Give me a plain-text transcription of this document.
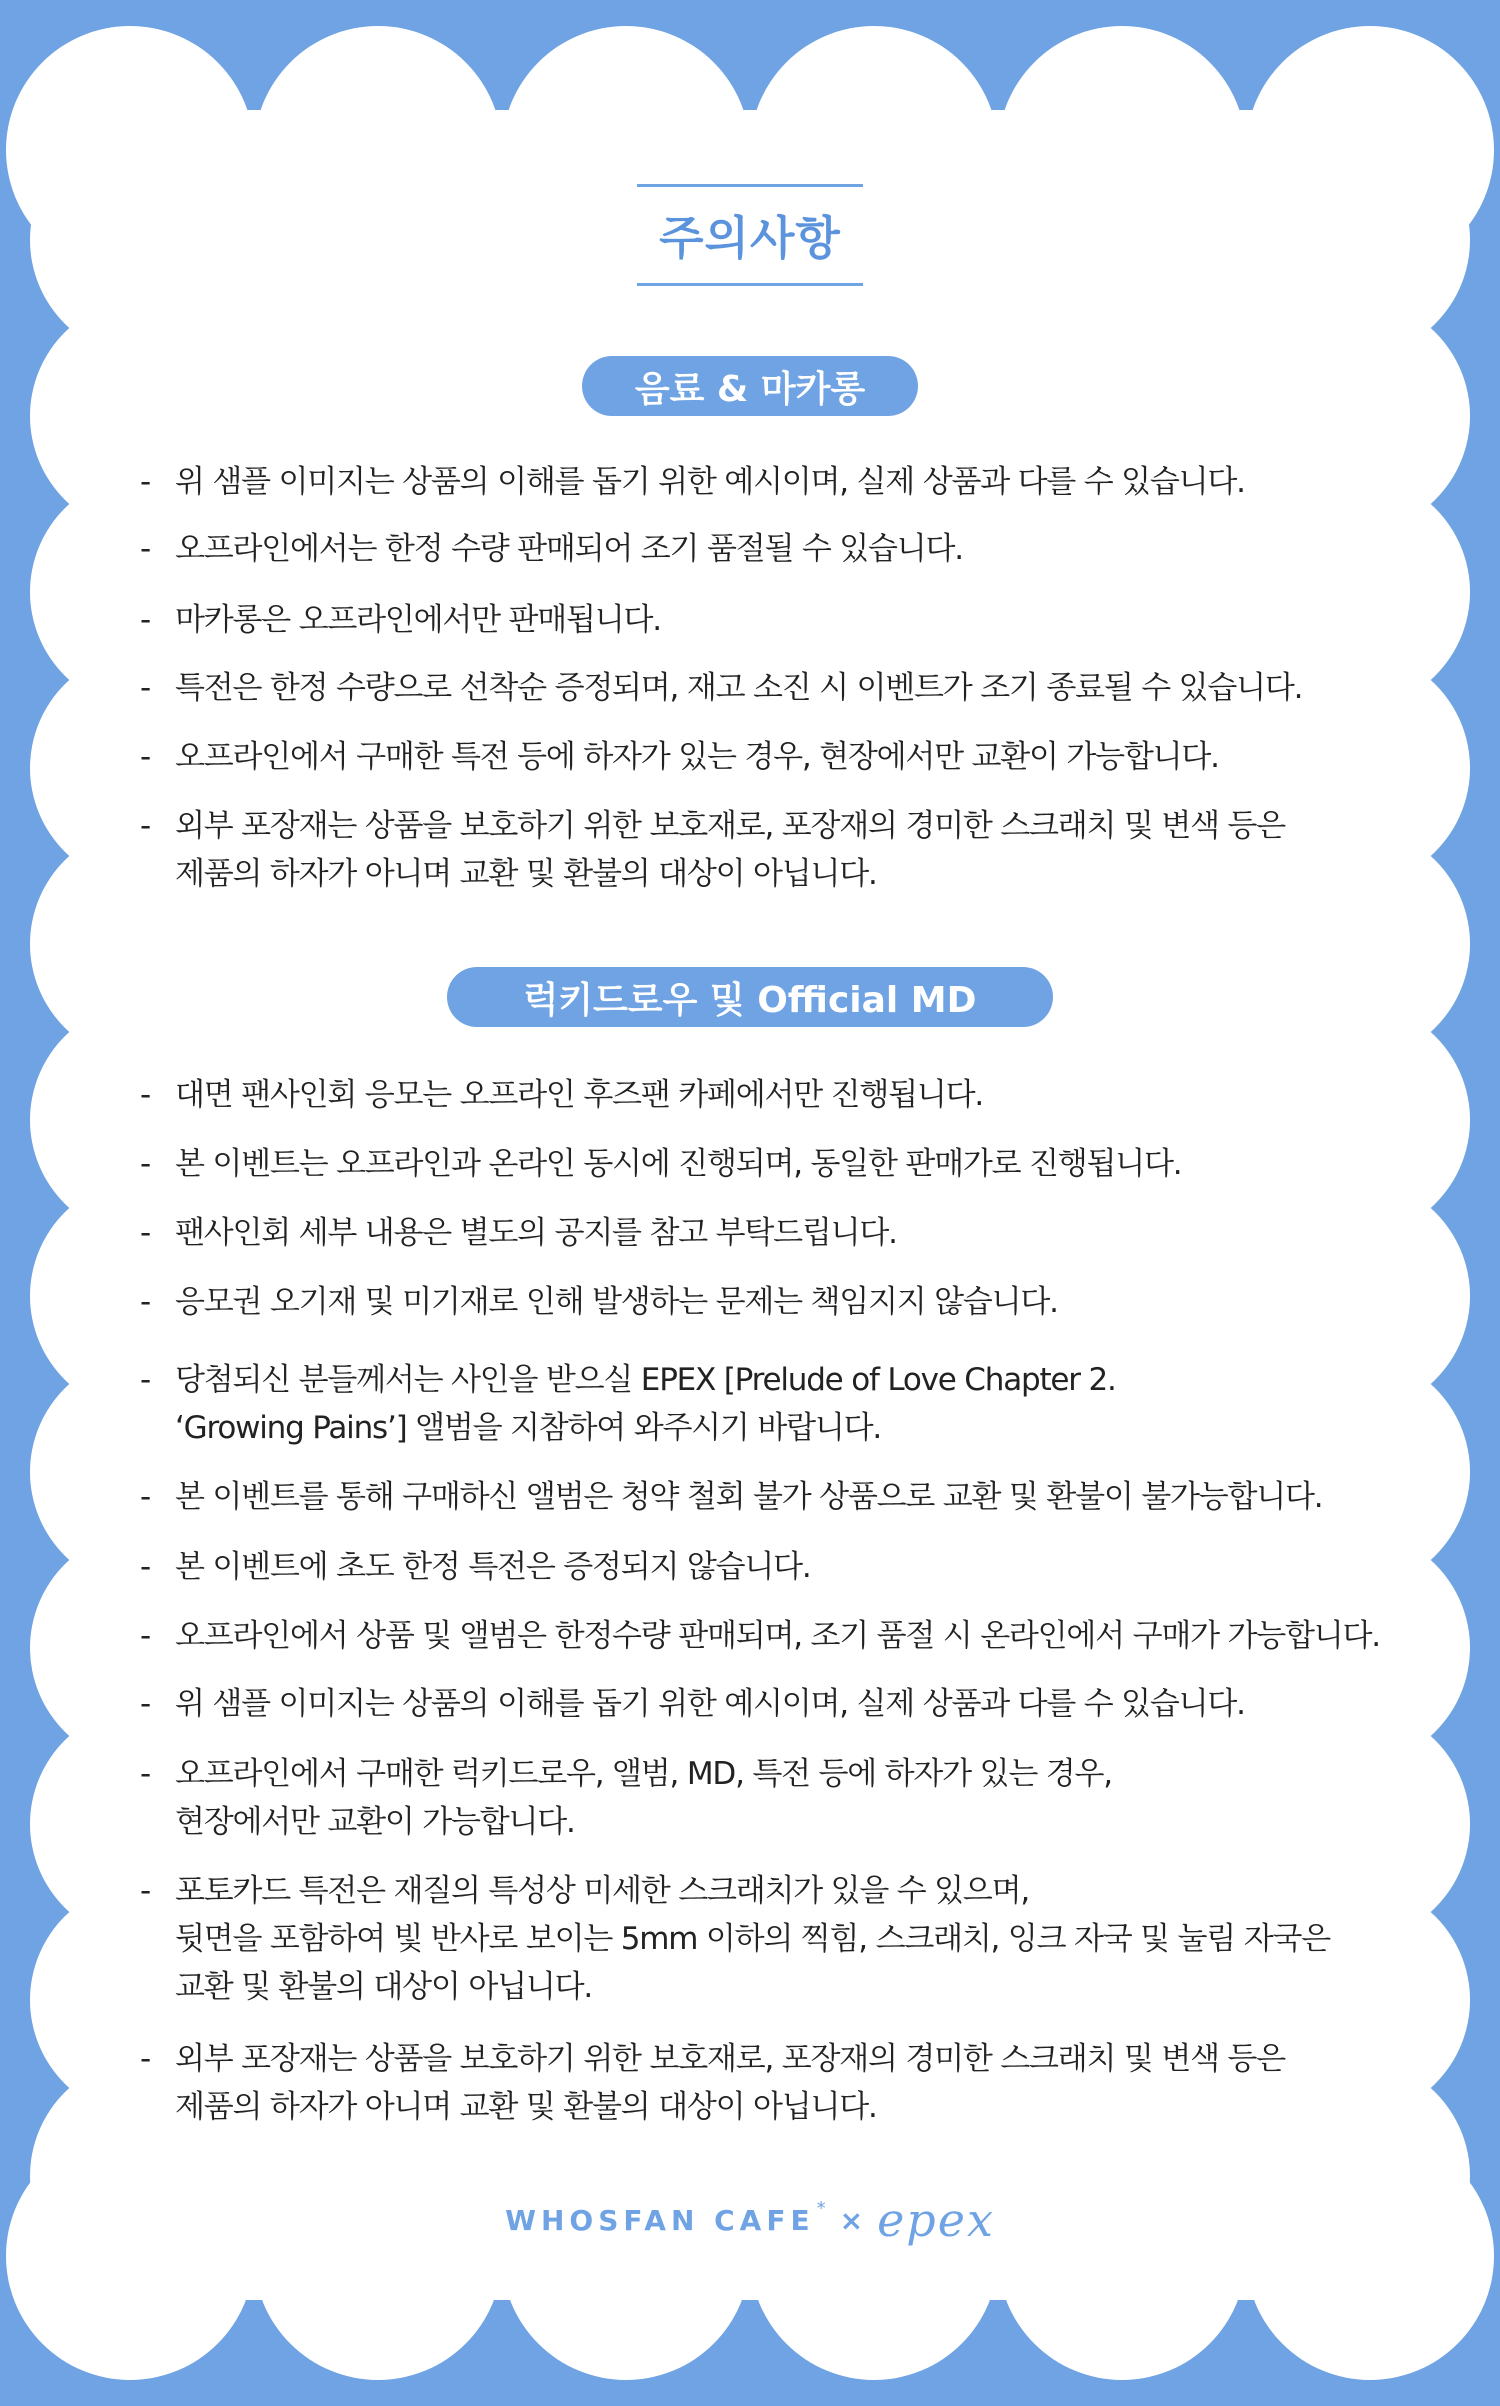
주의사항
음료 & 마카롱
- 위 샘플 이미지는 상품의 이해를 돕기 위한 예시이며, 실제 상품과 다를 수 있습니다.
- 오프라인에서는 한정 수량 판매되어 조기 품절될 수 있습니다.
- 마카롱은 오프라인에서만 판매됩니다.
- 특전은 한정 수량으로 선착순 증정되며, 재고 소진 시 이벤트가 조기 종료될 수 있습니다.
- 오프라인에서 구매한 특전 등에 하자가 있는 경우, 현장에서만 교환이 가능합니다.
- 외부 포장재는 상품을 보호하기 위한 보호재로, 포장재의 경미한 스크래치 및 변색 등은
제품의 하자가 아니며 교환 및 환불의 대상이 아닙니다.
럭키드로우 및 Official MD
- 대면 팬사인회 응모는 오프라인 후즈팬 카페에서만 진행됩니다.
- 본 이벤트는 오프라인과 온라인 동시에 진행되며, 동일한 판매가로 진행됩니다.
- 팬사인회 세부 내용은 별도의 공지를 참고 부탁드립니다.
- 응모권 오기재 및 미기재로 인해 발생하는 문제는 책임지지 않습니다.
- 당첨되신 분들께서는 사인을 받으실 EPEX [Prelude of Love Chapter 2.
‘Growing Pains’] 앨범을 지참하여 와주시기 바랍니다.
- 본 이벤트를 통해 구매하신 앨범은 청약 철회 불가 상품으로 교환 및 환불이 불가능합니다.
- 본 이벤트에 초도 한정 특전은 증정되지 않습니다.
- 오프라인에서 상품 및 앨범은 한정수량 판매되며, 조기 품절 시 온라인에서 구매가 가능합니다.
- 위 샘플 이미지는 상품의 이해를 돕기 위한 예시이며, 실제 상품과 다를 수 있습니다.
- 오프라인에서 구매한 럭키드로우, 앨범, MD, 특전 등에 하자가 있는 경우,
현장에서만 교환이 가능합니다.
- 포토카드 특전은 재질의 특성상 미세한 스크래치가 있을 수 있으며,
뒷면을 포함하여 빛 반사로 보이는 5mm 이하의 찍힘, 스크래치, 잉크 자국 및 눌림 자국은
교환 및 환불의 대상이 아닙니다.
- 외부 포장재는 상품을 보호하기 위한 보호재로, 포장재의 경미한 스크래치 및 변색 등은
제품의 하자가 아니며 교환 및 환불의 대상이 아닙니다.
WHOSFAN CAFE * × epex
